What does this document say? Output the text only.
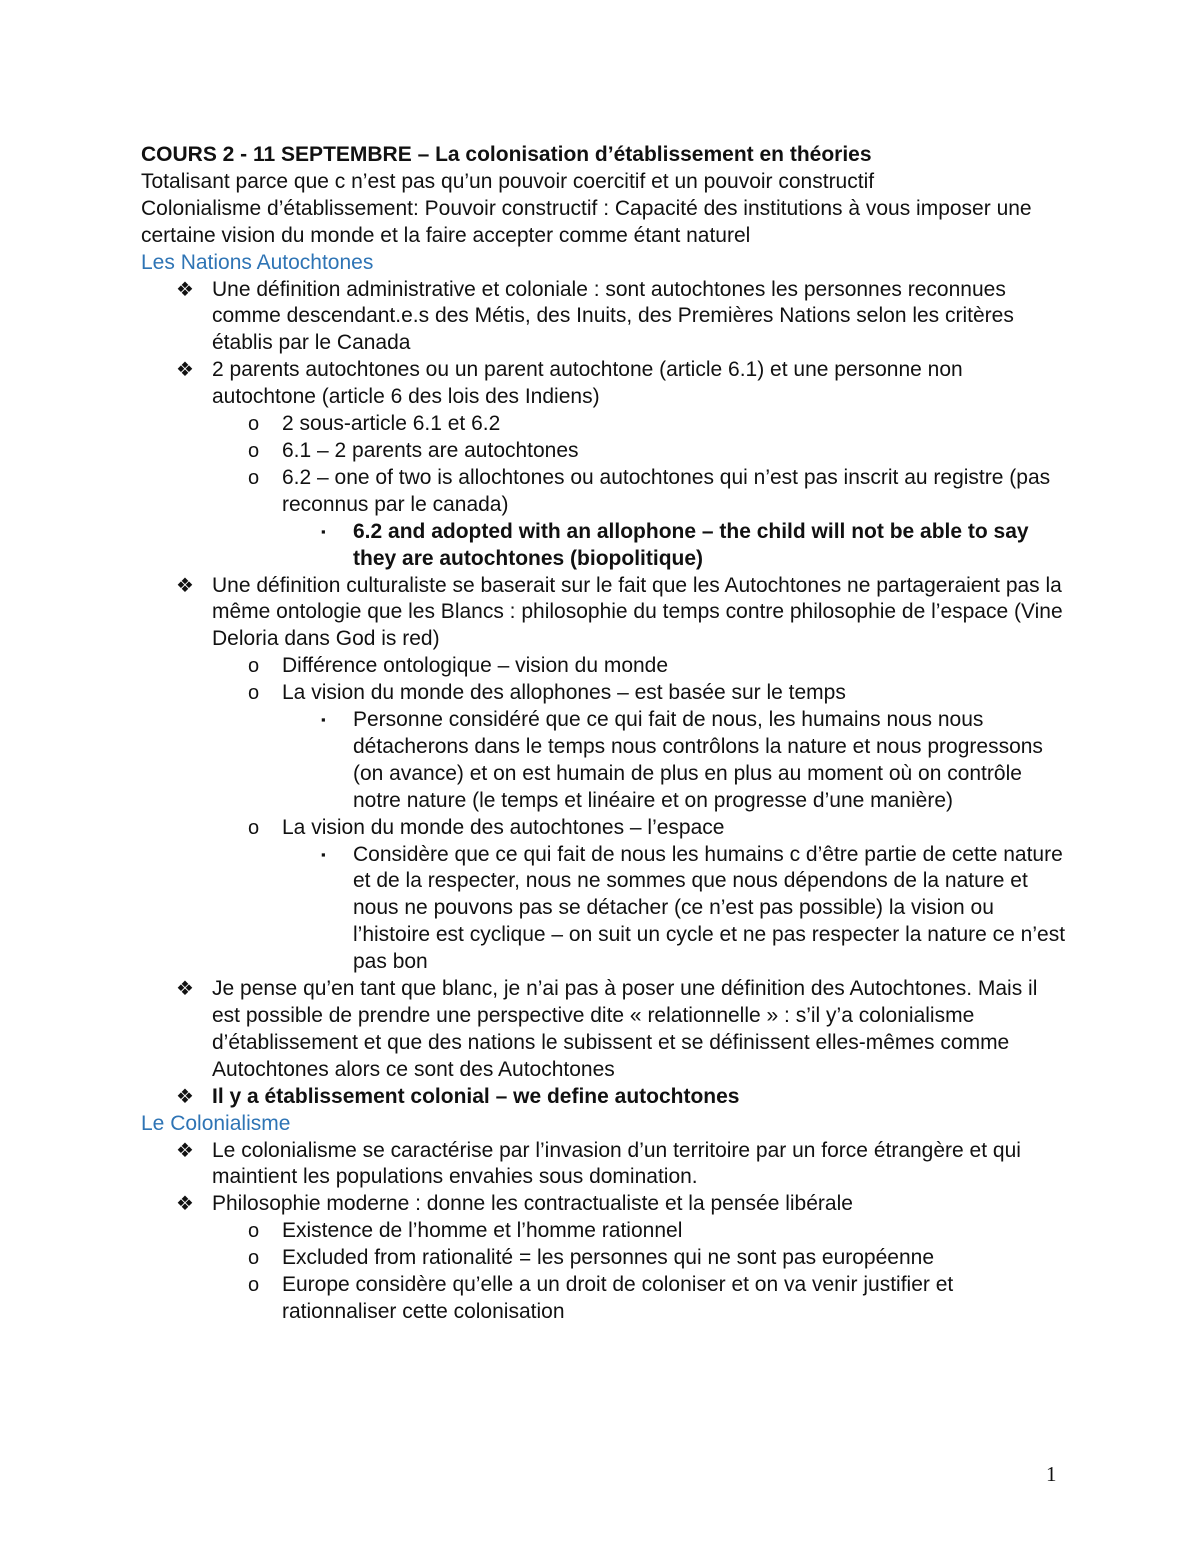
COURS 2 - 11 SEPTEMBRE – La colonisation d’établissement en théories
Totalisant parce que c n’est pas qu’un pouvoir coercitif et un pouvoir constructif
Colonialisme d’établissement: Pouvoir constructif : Capacité des institutions à vous imposer une certaine vision du monde et la faire accepter comme étant naturel
Les Nations Autochtones
❖ Une définition administrative et coloniale : sont autochtones les personnes reconnues comme descendant.e.s des Métis, des Inuits, des Premières Nations selon les critères établis par le Canada
❖ 2 parents autochtones ou un parent autochtone (article 6.1) et une personne non autochtone (article 6 des lois des Indiens)
o 2 sous-article 6.1 et 6.2
o 6.1 – 2 parents are autochtones
o 6.2 – one of two is allochtones ou autochtones qui n’est pas inscrit au registre (pas reconnus par le canada)
▪ 6.2 and adopted with an allophone – the child will not be able to say they are autochtones (biopolitique)
❖ Une définition culturaliste se baserait sur le fait que les Autochtones ne partageraient pas la même ontologie que les Blancs : philosophie du temps contre philosophie de l’espace (Vine Deloria dans God is red)
o Différence ontologique – vision du monde
o La vision du monde des allophones – est basée sur le temps
▪ Personne considéré que ce qui fait de nous, les humains nous nous détacherons dans le temps nous contrôlons la nature et nous progressons (on avance) et on est humain de plus en plus au moment où on contrôle notre nature (le temps et linéaire et on progresse d’une manière)
o La vision du monde des autochtones – l’espace
▪ Considère que ce qui fait de nous les humains c d’être partie de cette nature et de la respecter, nous ne sommes que nous dépendons de la nature et nous ne pouvons pas se détacher (ce n’est pas possible) la vision ou l’histoire est cyclique – on suit un cycle et ne pas respecter la nature ce n’est pas bon
❖ Je pense qu’en tant que blanc, je n’ai pas à poser une définition des Autochtones. Mais il est possible de prendre une perspective dite « relationnelle » : s’il y’a colonialisme d’établissement et que des nations le subissent et se définissent elles-mêmes comme Autochtones alors ce sont des Autochtones
❖ Il y a établissement colonial – we define autochtones
Le Colonialisme
❖ Le colonialisme se caractérise par l’invasion d’un territoire par un force étrangère et qui maintient les populations envahies sous domination.
❖ Philosophie moderne : donne les contractualiste et la pensée libérale
o Existence de l’homme et l’homme rationnel
o Excluded from rationalité = les personnes qui ne sont pas européenne
o Europe considère qu’elle a un droit de coloniser et on va venir justifier et rationnaliser cette colonisation
1
